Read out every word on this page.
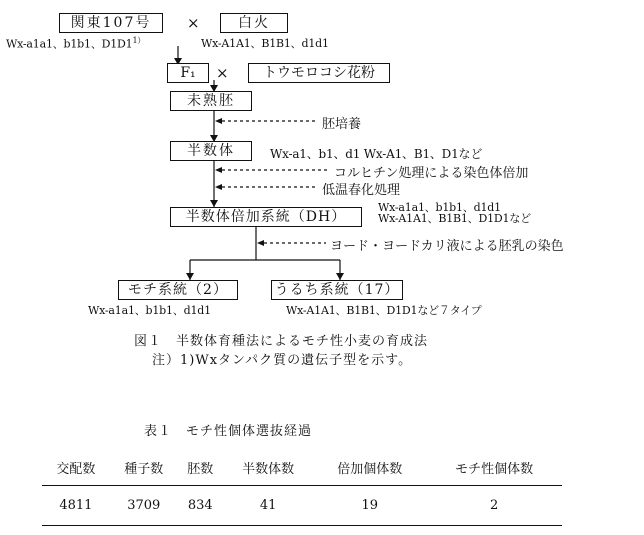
関東107号
Wx-a1a1、b1b1、$D1D1^{1)}$
×	白火
Wx-A1A1、B1B1、d1d1
F₁	×	トウモロコシ花粉
未熟胚
胚培養
半数体	Wx-a1、b1、d1 Wx-A1、B1、D1など
コルヒチン処理による染色体倍加
低温春化処理
半数体倍加系統（DH）
Wx-a1a1、b1b1、d1d1
Wx-A1A1、B1B1、D1D1など
ヨード・ヨードカリ液による胚乳の染色
モチ系統（2）
Wx-a1a1、b1b1、d1d1
うるち系統（17）
Wx-A1A1、B1B1、D1D1など７タイプ
図１　半数体育種法によるモチ性小麦の育成法
注）1)Wxタンパク質の遺伝子型を示す。
表１　モチ性個体選抜経過
交配数	種子数	胚数	半数体数	倍加個体数	モチ性個体数
4811	3709	834	41	19	2
